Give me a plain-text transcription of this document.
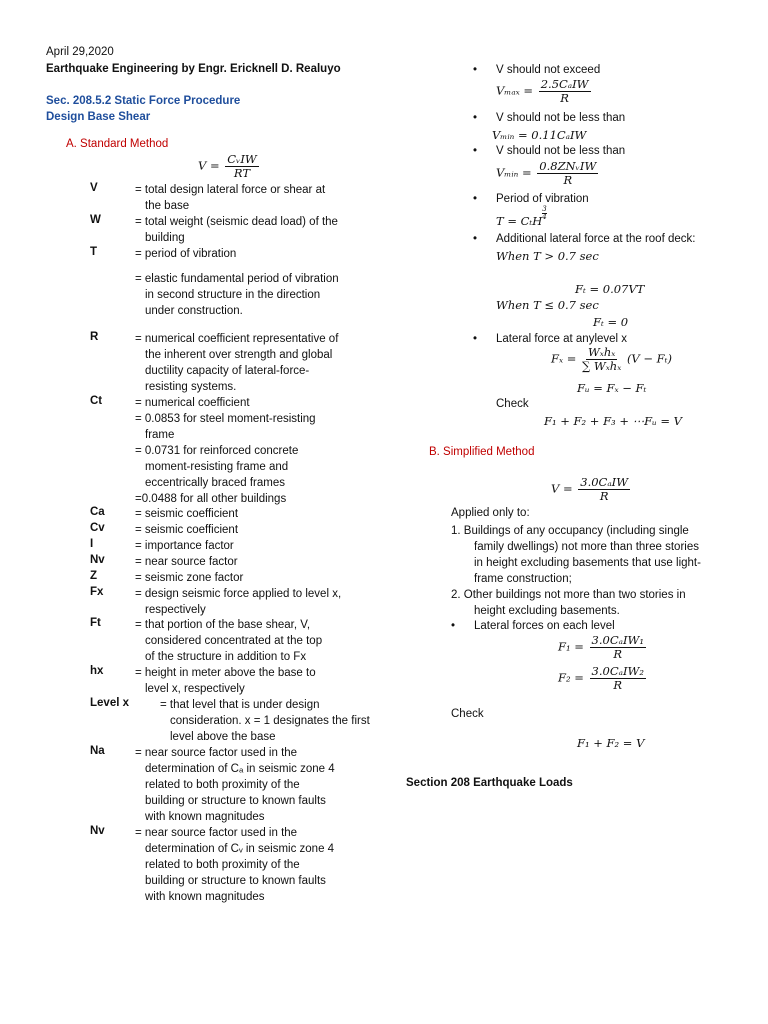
April 29,2020
Earthquake Engineering by Engr. Ericknell D. Realuyo
Sec. 208.5.2 Static Force Procedure
Design Base Shear
A. Standard Method
V = CᵥIW
RT
V	= total design lateral force or shear at
the base
W	= total weight (seismic dead load) of the
building
T	= period of vibration
= elastic fundamental period of vibration
in second structure in the direction
under construction.
R	= numerical coefficient representative of
the inherent over strength and global
ductility capacity of lateral-force-
resisting systems.
Ct	= numerical coefficient
= 0.0853 for steel moment-resisting
frame
= 0.0731 for reinforced concrete
moment-resisting frame and
eccentrically braced frames
=0.0488 for all other buildings
Ca	= seismic coefficient
Cv	= seismic coefficient
I	= importance factor
Nv	= near source factor
Z	= seismic zone factor
Fx	= design seismic force applied to level x,
respectively
Ft	= that portion of the base shear, V,
considered concentrated at the top
of the structure in addition to Fx
hx	= height in meter above the base to
level x, respectively
Level x	= that level that is under design
consideration. x = 1 designates the first
level above the base
Na	= near source factor used in the
determination of Cₐ in seismic zone 4
related to both proximity of the
building or structure to known faults
with known magnitudes
Nv	= near source factor used in the
determination of Cᵥ in seismic zone 4
related to both proximity of the
building or structure to known faults
with known magnitudes
• V should not exceed
Vₘₐₓ = 2.5CₐIW
R
• V should not be less than
Vₘᵢₙ = 0.11CₐIW
• V should not be less than
Vₘᵢₙ = 0.8ZNᵥIW
R
• Period of vibration
T = CₜH $\frac{3}{4}$
• Additional lateral force at the roof deck:
When T > 0.7 sec
Fₜ = 0.07VT
When T ≤ 0.7 sec
Fₜ = 0
• Lateral force at anylevel x
Fₓ = Wₓhₓ
∑ Wₓhₓ
(V − Fₜ)
Fᵤ = Fₓ − Fₜ
Check
F₁ + F₂ + F₃ + ⋯Fᵤ = V
B. Simplified Method
V = 3.0CₐIW
R
Applied only to:
1. Buildings of any occupancy (including single
family dwellings) not more than three stories
in height excluding basements that use light-
frame construction;
2. Other buildings not more than two stories in
height excluding basements.
• Lateral forces on each level
F₁ = 3.0CₐIW₁
R
F₂ = 3.0CₐIW₂
R
Check
F₁ + F₂ = V
Section 208 Earthquake Loads
